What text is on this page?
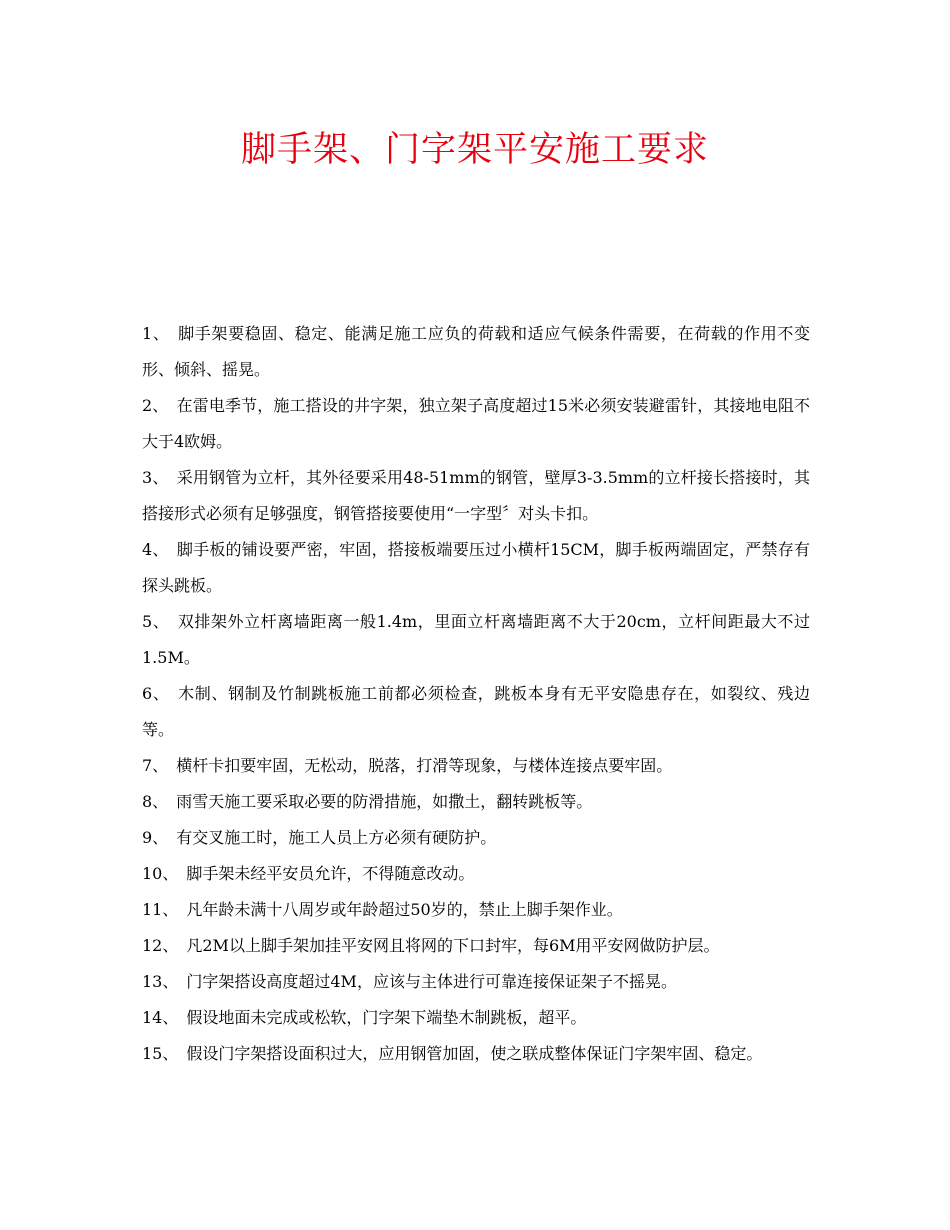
脚手架、门字架平安施工要求
1、  脚手架要稳固、稳定、能满足施工应负的荷载和适应气候条件需要，在荷载的作用不变形、倾斜、摇晃。
2、  在雷电季节，施工搭设的井字架，独立架子高度超过15米必须安装避雷针，其接地电阻不大于4欧姆。
3、  采用钢管为立杆，其外径要采用48-51mm的钢管，壁厚3-3.5mm的立杆接长搭接时，其搭接形式必须有足够强度，钢管搭接要使用“一字型〞对头卡扣。
4、  脚手板的铺设要严密，牢固，搭接板端要压过小横杆15CM，脚手板两端固定，严禁存有探头跳板。
5、  双排架外立杆离墙距离一般1.4m，里面立杆离墙距离不大于20cm，立杆间距最大不过1.5M。
6、  木制、钢制及竹制跳板施工前都必须检查，跳板本身有无平安隐患存在，如裂纹、残边等。
7、  横杆卡扣要牢固，无松动，脱落，打滑等现象，与楼体连接点要牢固。
8、  雨雪天施工要采取必要的防滑措施，如撒土，翻转跳板等。
9、  有交叉施工时，施工人员上方必须有硬防护。
10、  脚手架未经平安员允许，不得随意改动。
11、  凡年龄未满十八周岁或年龄超过50岁的，禁止上脚手架作业。
12、  凡2M以上脚手架加挂平安网且将网的下口封牢，每6M用平安网做防护层。
13、  门字架搭设高度超过4M，应该与主体进行可靠连接保证架子不摇晃。
14、  假设地面未完成或松软，门字架下端垫木制跳板，超平。
15、  假设门字架搭设面积过大，应用钢管加固，使之联成整体保证门字架牢固、稳定。
